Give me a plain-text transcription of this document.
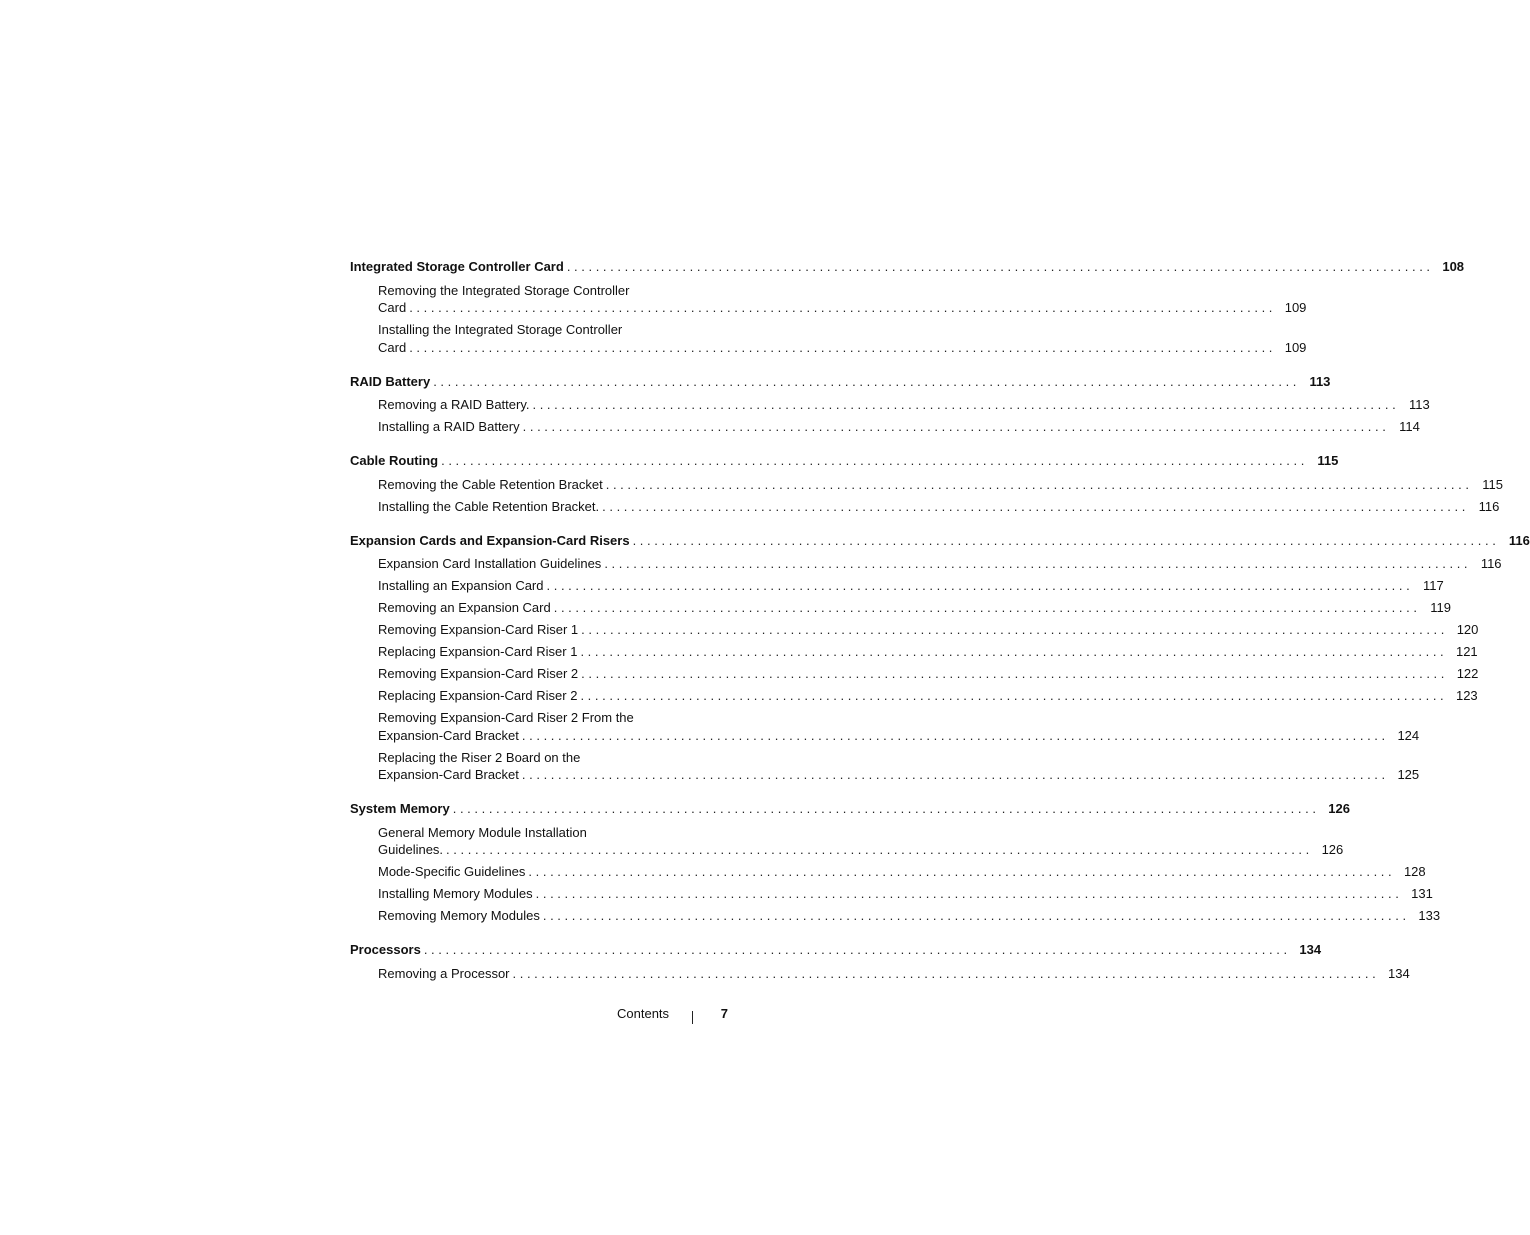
Integrated Storage Controller Card . . . . . . . . . . . . . . . . . . . . . . . . . . . . . . . . . . . . . . . . . . . . . . . . . . . . . . . . . . . . . . . . . . . . . . . . . . . . . . . . . . . . . . . . . . . . . . . . . . . . . . . . . . . . . . . . . . . . . . . . 108
Removing the Integrated Storage Controller
Card . . . . . . . . . . . . . . . . . . . . . . . . . . . . . . . . . . . . . . . . . . . . . . . . . . . . . . . . . . . . . . . . . . . . . . . . . . . . . . . . . . . . . . . . . . . . . . . . . . . . . . . . . . . . . . . . . . . . . . . . 109
Installing the Integrated Storage Controller
Card . . . . . . . . . . . . . . . . . . . . . . . . . . . . . . . . . . . . . . . . . . . . . . . . . . . . . . . . . . . . . . . . . . . . . . . . . . . . . . . . . . . . . . . . . . . . . . . . . . . . . . . . . . . . . . . . . . . . . . . . 109
RAID Battery . . . . . . . . . . . . . . . . . . . . . . . . . . . . . . . . . . . . . . . . . . . . . . . . . . . . . . . . . . . . . . . . . . . . . . . . . . . . . . . . . . . . . . . . . . . . . . . . . . . . . . . . . . . . . . . . . . . . . . . .	113
Removing a RAID Battery. . . . . . . . . . . . . . . . . . . . . . . . . . . . . . . . . . . . . . . . . . . . . . . . . . . . . . . . . . . . . . . . . . . . . . . . . . . . . . . . . . . . . . . . . . . . . . . . . . . . . . . . . . . . . . . . . . . . . . . . .	113
Installing a RAID Battery . . . . . . . . . . . . . . . . . . . . . . . . . . . . . . . . . . . . . . . . . . . . . . . . . . . . . . . . . . . . . . . . . . . . . . . . . . . . . . . . . . . . . . . . . . . . . . . . . . . . . . . . . . . . . . . . . . . . . . . .	114
Cable Routing . . . . . . . . . . . . . . . . . . . . . . . . . . . . . . . . . . . . . . . . . . . . . . . . . . . . . . . . . . . . . . . . . . . . . . . . . . . . . . . . . . . . . . . . . . . . . . . . . . . . . . . . . . . . . . . . . . . . . . . .	115
Removing the Cable Retention Bracket . . . . . . . . . . . . . . . . . . . . . . . . . . . . . . . . . . . . . . . . . . . . . . . . . . . . . . . . . . . . . . . . . . . . . . . . . . . . . . . . . . . . . . . . . . . . . . . . . . . . . . . . . . . . . . . . . . . . . . . .	115
Installing the Cable Retention Bracket. . . . . . . . . . . . . . . . . . . . . . . . . . . . . . . . . . . . . . . . . . . . . . . . . . . . . . . . . . . . . . . . . . . . . . . . . . . . . . . . . . . . . . . . . . . . . . . . . . . . . . . . . . . . . . . . . . . . . . . . .	116
Expansion Cards and Expansion-Card Risers . . . . . . . . . . . . . . . . . . . . . . . . . . . . . . . . . . . . . . . . . . . . . . . . . . . . . . . . . . . . . . . . . . . . . . . . . . . . . . . . . . . . . . . . . . . . . . . . . . . . . . . . . . . . . . . . . . . . . . . .	116
Expansion Card Installation Guidelines . . . . . . . . . . . . . . . . . . . . . . . . . . . . . . . . . . . . . . . . . . . . . . . . . . . . . . . . . . . . . . . . . . . . . . . . . . . . . . . . . . . . . . . . . . . . . . . . . . . . . . . . . . . . . . . . . . . . . . . .	116
Installing an Expansion Card . . . . . . . . . . . . . . . . . . . . . . . . . . . . . . . . . . . . . . . . . . . . . . . . . . . . . . . . . . . . . . . . . . . . . . . . . . . . . . . . . . . . . . . . . . . . . . . . . . . . . . . . . . . . . . . . . . . . . . . .	117
Removing an Expansion Card . . . . . . . . . . . . . . . . . . . . . . . . . . . . . . . . . . . . . . . . . . . . . . . . . . . . . . . . . . . . . . . . . . . . . . . . . . . . . . . . . . . . . . . . . . . . . . . . . . . . . . . . . . . . . . . . . . . . . . . .	119
Removing Expansion-Card Riser 1 . . . . . . . . . . . . . . . . . . . . . . . . . . . . . . . . . . . . . . . . . . . . . . . . . . . . . . . . . . . . . . . . . . . . . . . . . . . . . . . . . . . . . . . . . . . . . . . . . . . . . . . . . . . . . . . . . . . . . . . . 120
Replacing Expansion-Card Riser 1 . . . . . . . . . . . . . . . . . . . . . . . . . . . . . . . . . . . . . . . . . . . . . . . . . . . . . . . . . . . . . . . . . . . . . . . . . . . . . . . . . . . . . . . . . . . . . . . . . . . . . . . . . . . . . . . . . . . . . . . . 121
Removing Expansion-Card Riser 2 . . . . . . . . . . . . . . . . . . . . . . . . . . . . . . . . . . . . . . . . . . . . . . . . . . . . . . . . . . . . . . . . . . . . . . . . . . . . . . . . . . . . . . . . . . . . . . . . . . . . . . . . . . . . . . . . . . . . . . . . 122
Replacing Expansion-Card Riser 2 . . . . . . . . . . . . . . . . . . . . . . . . . . . . . . . . . . . . . . . . . . . . . . . . . . . . . . . . . . . . . . . . . . . . . . . . . . . . . . . . . . . . . . . . . . . . . . . . . . . . . . . . . . . . . . . . . . . . . . . . 123
Removing Expansion-Card Riser 2 From the
Expansion-Card Bracket . . . . . . . . . . . . . . . . . . . . . . . . . . . . . . . . . . . . . . . . . . . . . . . . . . . . . . . . . . . . . . . . . . . . . . . . . . . . . . . . . . . . . . . . . . . . . . . . . . . . . . . . . . . . . . . . . . . . . . . . 124
Replacing the Riser 2 Board on the
Expansion-Card Bracket . . . . . . . . . . . . . . . . . . . . . . . . . . . . . . . . . . . . . . . . . . . . . . . . . . . . . . . . . . . . . . . . . . . . . . . . . . . . . . . . . . . . . . . . . . . . . . . . . . . . . . . . . . . . . . . . . . . . . . . . 125
System Memory . . . . . . . . . . . . . . . . . . . . . . . . . . . . . . . . . . . . . . . . . . . . . . . . . . . . . . . . . . . . . . . . . . . . . . . . . . . . . . . . . . . . . . . . . . . . . . . . . . . . . . . . . . . . . . . . . . . . . . . . 126
General Memory Module Installation
Guidelines. . . . . . . . . . . . . . . . . . . . . . . . . . . . . . . . . . . . . . . . . . . . . . . . . . . . . . . . . . . . . . . . . . . . . . . . . . . . . . . . . . . . . . . . . . . . . . . . . . . . . . . . . . . . . . . . . . . . . . . . . 126
Mode-Specific Guidelines . . . . . . . . . . . . . . . . . . . . . . . . . . . . . . . . . . . . . . . . . . . . . . . . . . . . . . . . . . . . . . . . . . . . . . . . . . . . . . . . . . . . . . . . . . . . . . . . . . . . . . . . . . . . . . . . . . . . . . . . 128
Installing Memory Modules . . . . . . . . . . . . . . . . . . . . . . . . . . . . . . . . . . . . . . . . . . . . . . . . . . . . . . . . . . . . . . . . . . . . . . . . . . . . . . . . . . . . . . . . . . . . . . . . . . . . . . . . . . . . . . . . . . . . . . . . 131
Removing Memory Modules . . . . . . . . . . . . . . . . . . . . . . . . . . . . . . . . . . . . . . . . . . . . . . . . . . . . . . . . . . . . . . . . . . . . . . . . . . . . . . . . . . . . . . . . . . . . . . . . . . . . . . . . . . . . . . . . . . . . . . . . 133
Processors . . . . . . . . . . . . . . . . . . . . . . . . . . . . . . . . . . . . . . . . . . . . . . . . . . . . . . . . . . . . . . . . . . . . . . . . . . . . . . . . . . . . . . . . . . . . . . . . . . . . . . . . . . . . . . . . . . . . . . . . 134
Removing a Processor . . . . . . . . . . . . . . . . . . . . . . . . . . . . . . . . . . . . . . . . . . . . . . . . . . . . . . . . . . . . . . . . . . . . . . . . . . . . . . . . . . . . . . . . . . . . . . . . . . . . . . . . . . . . . . . . . . . . . . . . 134
Contents	7
